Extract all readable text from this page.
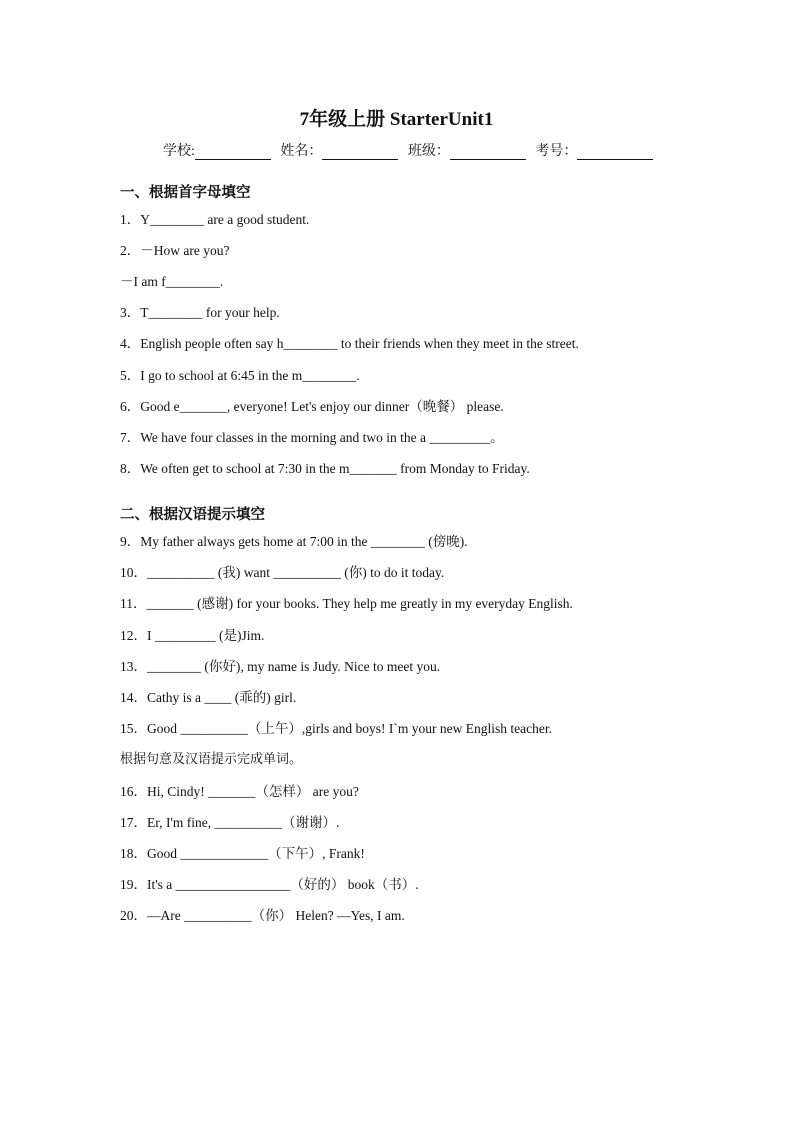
7年级上册 StarterUnit1
学校:	姓名：	班级：	考号：
一、根据首字母填空
1．Y________ are a good student.
2．－How are you?
－I am f________.
3．T________ for your help.
4．English people often say h________ to their friends when they meet in the street.
5．I go to school at 6:45 in the m________.
6．Good e_______, everyone! Let's enjoy our dinner（晚餐） please.
7．We have four classes in the morning and two in the a _________。
8．We often get to school at 7:30 in the m_______ from Monday to Friday.
二、根据汉语提示填空
9．My father always gets home at 7:00 in the ________ (傍晚).
10．__________ (我) want __________ (你) to do it today.
11．_______ (感谢) for your books. They help me greatly in my everyday English.
12．I _________ (是)Jim.
13．________ (你好), my name is Judy. Nice to meet you.
14．Cathy is a ____ (乖的) girl.
15．Good __________（上午）,girls and boys! I`m your new English teacher.
根据句意及汉语提示完成单词。
16．Hi, Cindy! _______（怎样） are you?
17．Er, I'm fine, __________（谢谢）.
18．Good _____________（下午）, Frank!
19．It's a _________________（好的） book（书）.
20．—Are __________（你） Helen? —Yes, I am.
